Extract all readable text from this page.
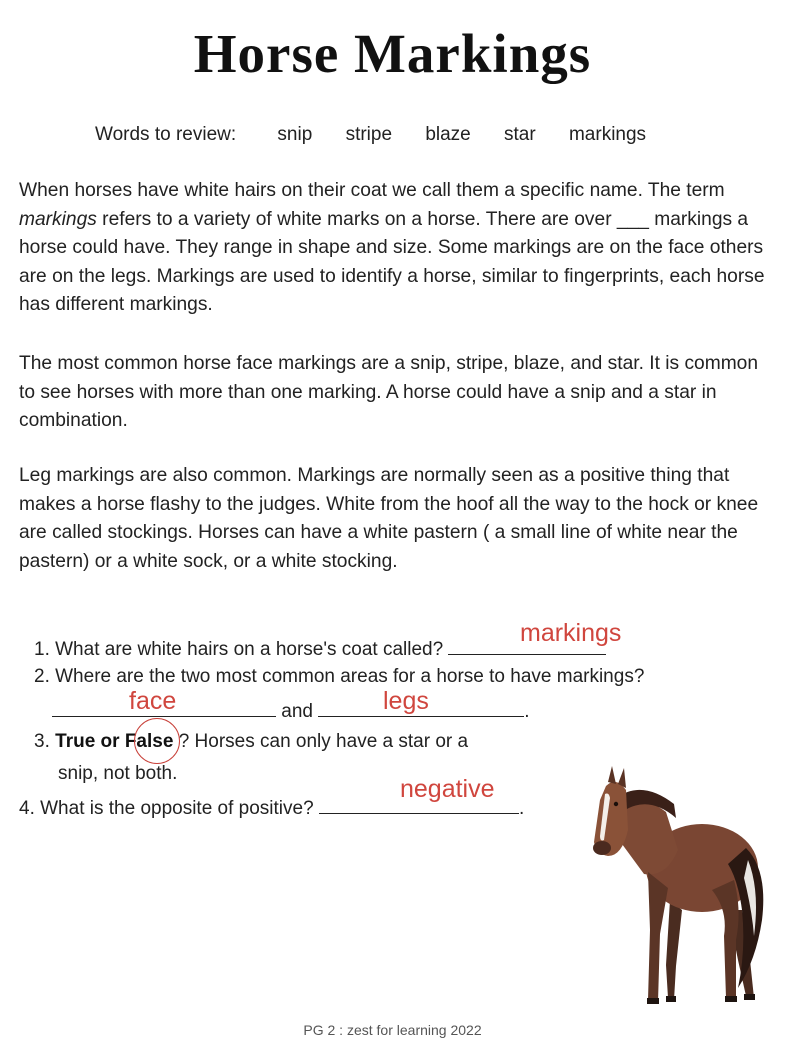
Horse Markings
Words to review: snip stripe blaze star markings

When horses have white hairs on their coat we call them a specific name. The term markings refers to a variety of white marks on a horse. There are over ___ markings a horse could have. They range in shape and size. Some markings are on the face others are on the legs. Markings are used to identify a horse, similar to fingerprints, each horse has different markings.

The most common horse face markings are a snip, stripe, blaze, and star. It is common to see horses with more than one marking. A horse could have a snip and a star in combination.

Leg markings are also common. Markings are normally seen as a positive thing that makes a horse flashy to the judges. White from the hoof all the way to the hock or knee are called stockings. Horses can have a white pastern ( a small line of white near the pastern) or a white sock, or a white stocking.

1. What are white hairs on a horse's coat called?
markings
2. Where are the two most common areas for a horse to have markings?
and	.
face	legs
3. True or False ? Horses can only have a star or a
snip, not both.
4. What is the opposite of positive?	.
negative
PG 2 : zest for learning 2022
